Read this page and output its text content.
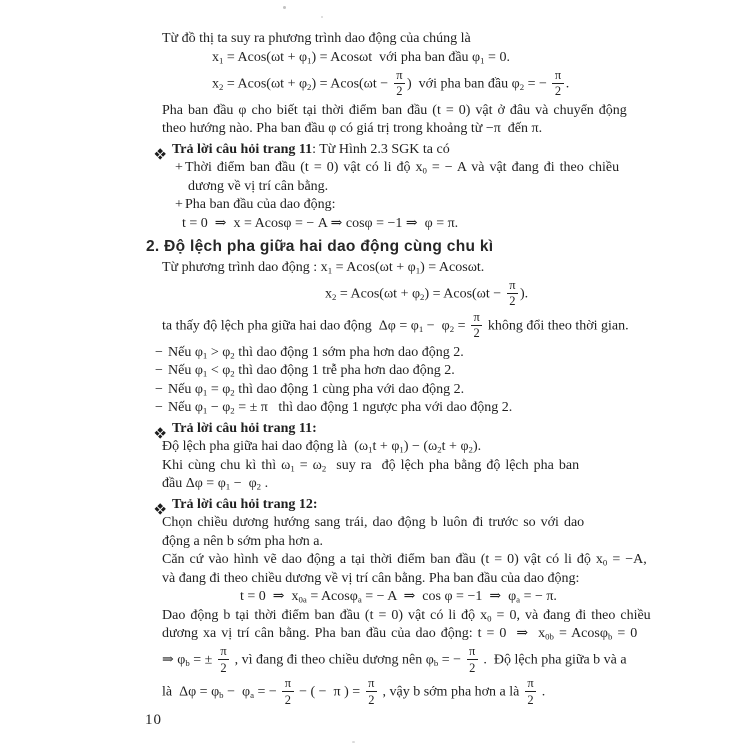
Từ đồ thị ta suy ra phương trình dao động của chúng là
$x_1 = Acos(\omega t + \varphi_1) = Acos\omega t$  với pha ban đầu $\varphi_1 = 0$.
$x_2 = Acos(\omega t + \varphi_2) = Acos(\omega t - \frac{\pi}{2}$ )  với pha ban đầu $\varphi_2$ = − $\frac{\pi}{2}$ .
Pha ban đầu φ cho biết tại thời điểm ban đầu (t = 0) vật ở đâu và chuyển động
theo hướng nào. Pha ban đầu φ có giá trị trong khoảng từ −π  đến π.
Trả lời câu hỏi trang 11: Từ Hình 2.3 SGK ta có
+ Thời điểm ban đầu (t = 0) vật có li độ $x_0$ = − A và vật đang đi theo chiều
dương về vị trí cân bằng.
+ Pha ban đầu của dao động:
t = 0  ⇒  x = Acosφ = − A ⇒ cosφ = −1 ⇒  φ = π.
2. Độ lệch pha giữa hai dao động cùng chu kì
Từ phương trình dao động : $x_1 = Acos(\omega t + \varphi_1) = Acos\omega t$.
$x_2 = Acos(\omega t + \varphi_2) = Acos(\omega t - \frac{\pi}{2}$ ).
ta thấy độ lệch pha giữa hai dao động  $\Delta\varphi = \varphi_1 - \varphi_2 = \frac{\pi}{2}$ không đổi theo thời gian.
− Nếu $\varphi_1 > \varphi_2$ thì dao động 1 sớm pha hơn dao động 2.
− Nếu $\varphi_1 < \varphi_2$ thì dao động 1 trễ pha hơn dao động 2.
− Nếu $\varphi_1 = \varphi_2$ thì dao động 1 cùng pha với dao động 2.
− Nếu $\varphi_1 - \varphi_2$ = ± π   thì dao động 1 ngược pha với dao động 2.
Trả lời câu hỏi trang 11:
Độ lệch pha giữa hai dao động là  $(\omega_1t + \varphi_1) - (\omega_2t + \varphi_2)$.
Khi cùng chu kì thì $\omega_1 = \omega_2$  suy ra  độ lệch pha bằng độ lệch pha ban
đầu $\Delta\varphi = \varphi_1 - \varphi_2$ .
Trả lời câu hỏi trang 12:
Chọn chiều dương hướng sang trái, dao động b luôn đi trước so với dao
động a nên b sớm pha hơn a.
Căn cứ vào hình vẽ dao động a tại thời điểm ban đầu (t = 0) vật có li độ $x_0 = -A$,
và đang đi theo chiều dương về vị trí cân bằng. Pha ban đầu của dao động:
t = 0  ⇒  $x_{0a} = Acos\varphi_a$ = − A  ⇒  cos φ = −1  ⇒  $\varphi_a$ = − π.
Dao động b tại thời điểm ban đầu (t = 0) vật có li độ $x_0 = 0$, và đang đi theo chiều
dương xa vị trí cân bằng. Pha ban đầu của dao động: t = 0  ⇒  $x_{0b} = Acos\varphi_b = 0$
⇒ $\varphi_b$ = ± $\frac{\pi}{2}$ , vì đang đi theo chiều dương nên $\varphi_b$ = − $\frac{\pi}{2}$ .  Độ lệch pha giữa b và a
là  $\Delta\varphi = \varphi_b - \varphi_a$ = − $\frac{\pi}{2}$ − ( −  π ) = $\frac{\pi}{2}$ , vậy b sớm pha hơn a là $\frac{\pi}{2}$ .
10
